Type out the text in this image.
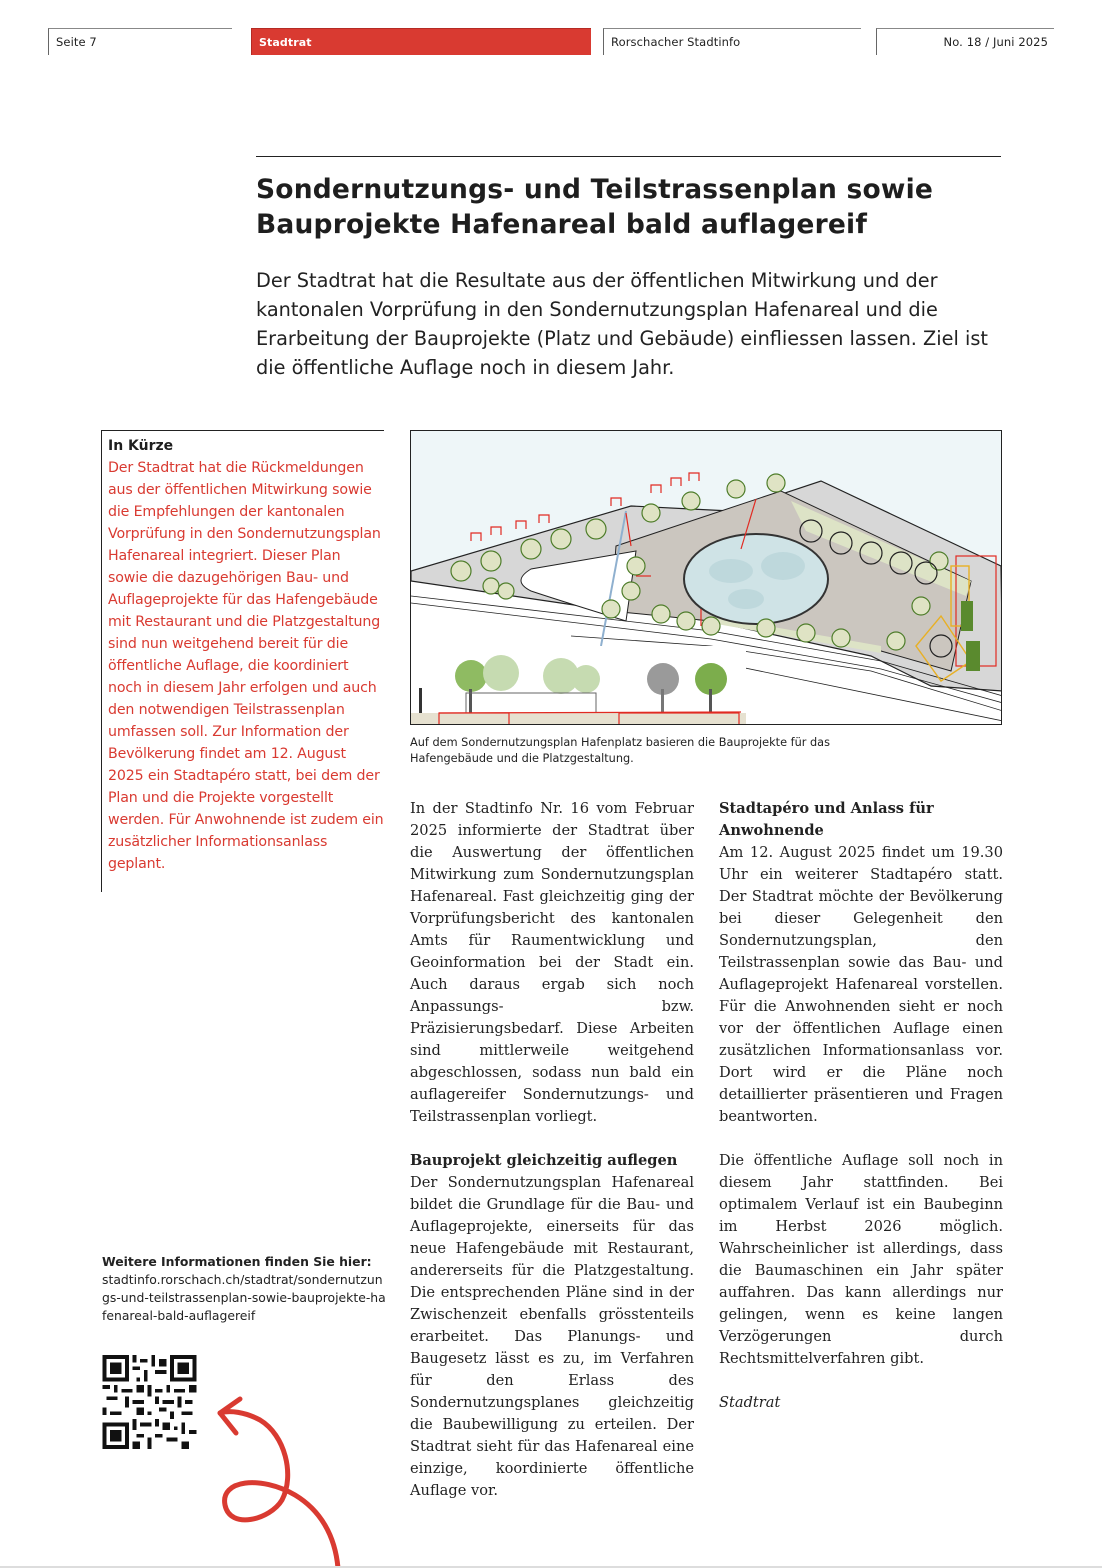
Seite 7	Stadtrat	Rorschacher Stadtinfo	No. 18 / Juni 2025
Sondernutzungs- und Teilstrassenplan sowie Bauprojekte Hafenareal bald auflagereif

Der Stadtrat hat die Resultate aus der öffentlichen Mitwirkung und der kantonalen Vorprüfung in den Sondernutzungsplan Hafenareal und die Erarbeitung der Bauprojekte (Platz und Gebäude) einfliessen lassen. Ziel ist die öffentliche Auflage noch in diesem Jahr.

In Kürze
Der Stadtrat hat die Rückmeldungen aus der öffentlichen Mitwirkung sowie die Empfehlungen der kantonalen Vorprüfung in den Sondernutzungsplan Hafenareal integriert. Dieser Plan sowie die dazugehörigen Bau- und Auflageprojekte für das Hafengebäude mit Restaurant und die Platzgestaltung sind nun weitgehend bereit für die öffentliche Auflage, die koordiniert noch in diesem Jahr erfolgen und auch den notwendigen Teilstrassenplan umfassen soll. Zur Information der Bevölkerung findet am 12. August 2025 ein Stadtapéro statt, bei dem der Plan und die Projekte vorgestellt werden. Für Anwohnende ist zudem ein zusätzlicher Informationsanlass geplant.
Auf dem Sondernutzungsplan Hafenplatz basieren die Bauprojekte für das Hafengebäude und die Platzgestaltung.

In der Stadtinfo Nr. 16 vom Februar 2025 informierte der Stadtrat über die Auswertung der öffentlichen Mitwirkung zum Sondernutzungsplan Hafenareal. Fast gleichzeitig ging der Vorprüfungsbericht des kantonalen Amts für Raumentwicklung und Geoinformation bei der Stadt ein. Auch daraus ergab sich noch Anpassungs- bzw. Präzisierungsbedarf. Diese Arbeiten sind mittlerweile weitgehend abgeschlossen, sodass nun bald ein auflagereifer Sondernutzungs- und Teilstrassenplan vorliegt.

Bauprojekt gleichzeitig auflegen

Der Sondernutzungsplan Hafenareal bildet die Grundlage für die Bau- und Auflageprojekte, einerseits für das neue Hafengebäude mit Restaurant, andererseits für die Platzgestaltung. Die entsprechenden Pläne sind in der Zwischenzeit ebenfalls grösstenteils erarbeitet. Das Planungs- und Baugesetz lässt es zu, im Verfahren für den Erlass des Sondernutzungsplanes gleichzeitig die Baubewilligung zu erteilen. Der Stadtrat sieht für das Hafenareal eine einzige, koordinierte öffentliche Auflage vor.

Stadtapéro und Anlass für Anwohnende

Am 12. August 2025 findet um 19.30 Uhr ein weiterer Stadtapéro statt. Der Stadtrat möchte der Bevölkerung bei dieser Gelegenheit den Sondernutzungsplan, den Teilstrassenplan sowie das Bau- und Auflageprojekt Hafenareal vorstellen. Für die Anwohnenden sieht er noch vor der öffentlichen Auflage einen zusätzlichen Informationsanlass vor. Dort wird er die Pläne noch detaillierter präsentieren und Fragen beantworten.

Die öffentliche Auflage soll noch in diesem Jahr stattfinden. Bei optimalem Verlauf ist ein Baubeginn im Herbst 2026 möglich. Wahrscheinlicher ist allerdings, dass die Baumaschinen ein Jahr später auffahren. Das kann allerdings nur gelingen, wenn es keine langen Verzögerungen durch Rechtsmittelverfahren gibt.

Stadtrat

Weitere Informationen finden Sie hier:
stadtinfo.rorschach.ch/stadtrat/sondernutzungs-und-teilstrassenplan-sowie-bauprojekte-hafenareal-bald-auflagereif
